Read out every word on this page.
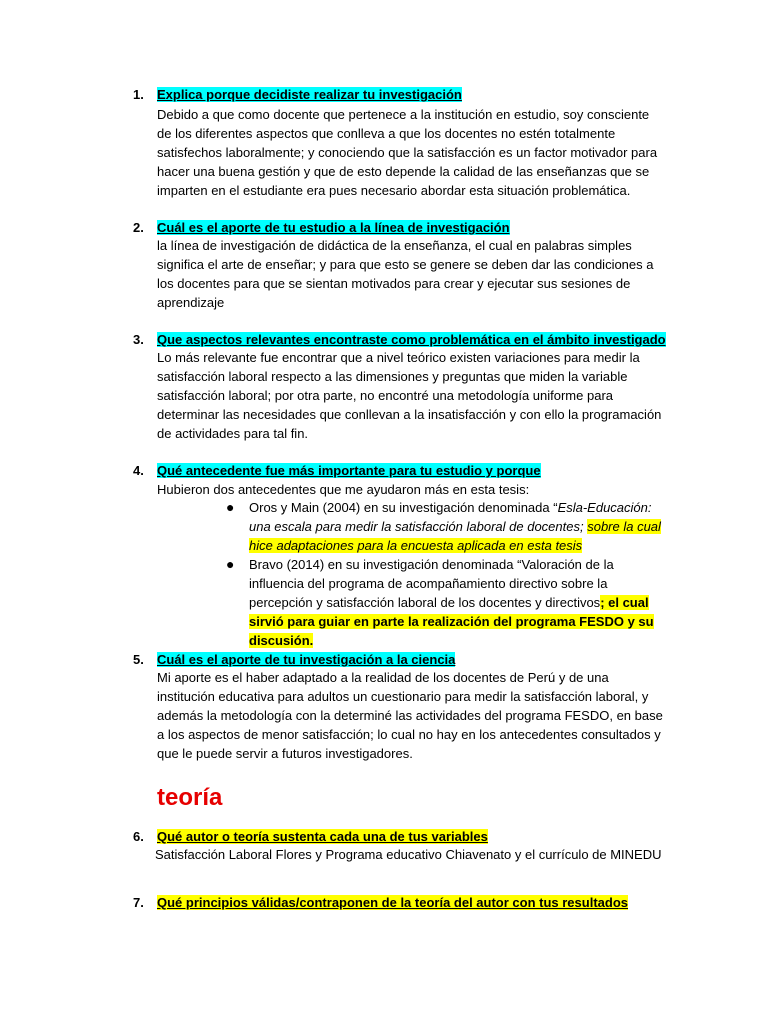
1. Explica porque decidiste realizar tu investigación
Debido a que como docente que pertenece a la institución en estudio, soy consciente
de los diferentes aspectos que conlleva a que los docentes no estén totalmente
satisfechos laboralmente; y conociendo que la satisfacción es un factor motivador para
hacer una buena gestión y que de esto depende la calidad de las enseñanzas que se
imparten en el estudiante era pues necesario abordar esta situación problemática.
2. Cuál es el aporte de tu estudio a la línea de investigación
la línea de investigación de didáctica de la enseñanza, el cual en palabras simples
significa el arte de enseñar; y para que esto se genere se deben dar las condiciones a
los docentes para que se sientan motivados para crear y ejecutar sus sesiones de
aprendizaje
3. Que aspectos relevantes encontraste como problemática en el ámbito investigado
Lo más relevante fue encontrar que a nivel teórico existen variaciones para medir la
satisfacción laboral respecto a las dimensiones y preguntas que miden la variable
satisfacción laboral; por otra parte, no encontré una metodología uniforme para
determinar las necesidades que conllevan a la insatisfacción y con ello la programación
de actividades para tal fin.
4. Qué antecedente fue más importante para tu estudio y porque
Hubieron dos antecedentes que me ayudaron más en esta tesis:
● Oros y Main (2004) en su investigación denominada “Esla-Educación:
una escala para medir la satisfacción laboral de docentes; sobre la cual
hice adaptaciones para la encuesta aplicada en esta tesis
● Bravo (2014) en su investigación denominada “Valoración de la
influencia del programa de acompañamiento directivo sobre la
percepción y satisfacción laboral de los docentes y directivos; el cual
sirvió para guiar en parte la realización del programa FESDO y su
discusión.
5. Cuál es el aporte de tu investigación a la ciencia
Mi aporte es el haber adaptado a la realidad de los docentes de Perú y de una
institución educativa para adultos un cuestionario para medir la satisfacción laboral, y
además la metodología con la determiné las actividades del programa FESDO, en base
a los aspectos de menor satisfacción; lo cual no hay en los antecedentes consultados y
que le puede servir a futuros investigadores.
teoría
6. Qué autor o teoría sustenta cada una de tus variables
Satisfacción Laboral Flores y Programa educativo Chiavenato y el currículo de MINEDU
7. Qué principios válidas/contraponen de la teoría del autor con tus resultados
